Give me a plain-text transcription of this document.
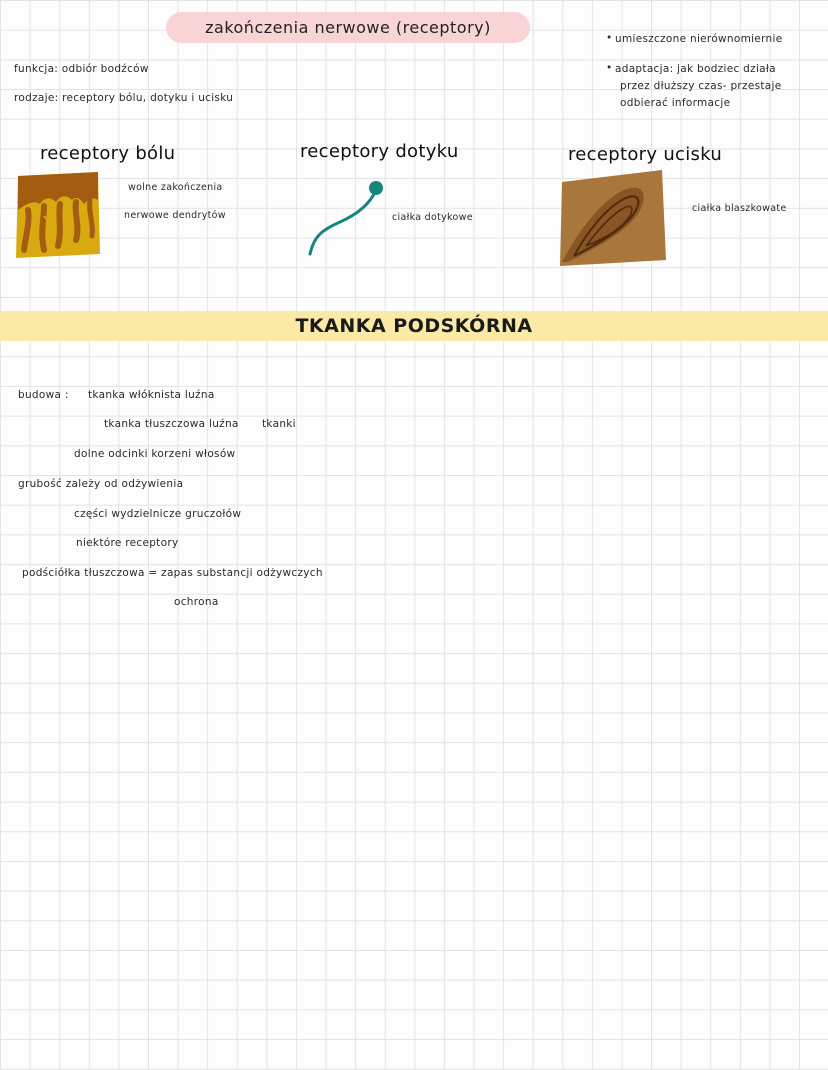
zakończenia nerwowe (receptory)
funkcja: odbiór bodźców
rodzaje: receptory bólu, dotyku i ucisku
• umieszczone nierównomiernie
• adaptacja: jak bodziec działa
przez dłuższy czas- przestaje
odbierać informacje
receptory bólu	receptory dotyku	receptory ucisku
wolne zakończenia
nerwowe dendrytów	ciałka dotykowe
ciałka blaszkowate
TKANKA PODSKÓRNA
budowa : tkanka włóknista luźna
tkanka tłuszczowa luźna tkanki
dolne odcinki korzeni włosów
grubość zależy od odżywienia
części wydzielnicze gruczołów
niektóre receptory
podściółka tłuszczowa = zapas substancji odżywczych
ochrona
